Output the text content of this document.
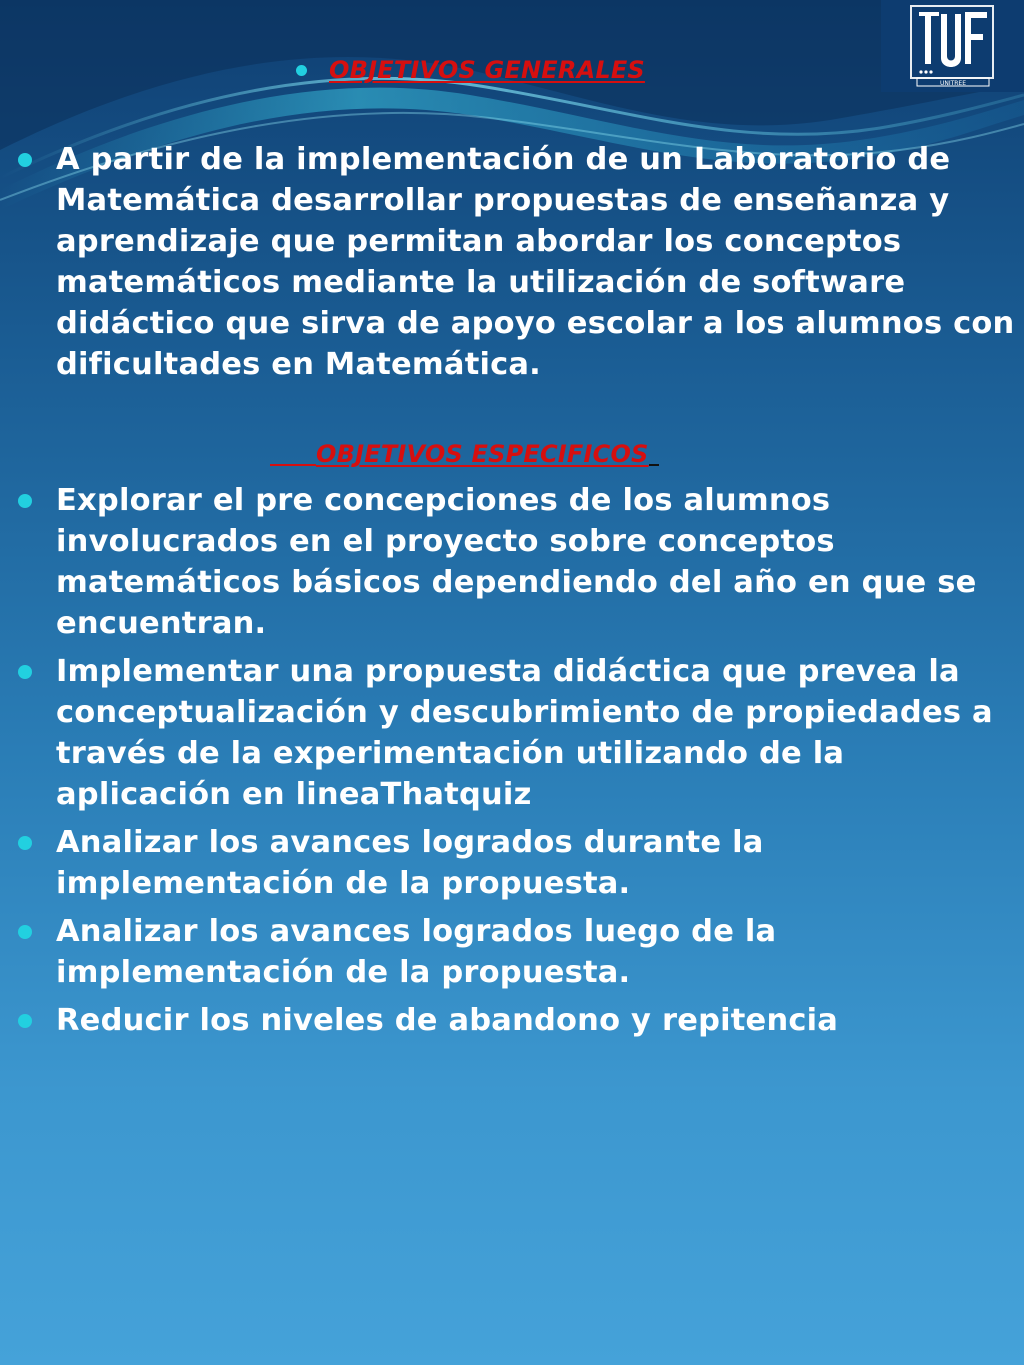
UNITREE
OBJETIVOS GENERALES
A partir de la implementación de un Laboratorio de Matemática desarrollar propuestas de enseñanza y aprendizaje que permitan abordar los conceptos matemáticos mediante la utilización de software didáctico que sirva de apoyo escolar a los alumnos con dificultades en Matemática.
OBJETIVOS ESPECIFICOS
Explorar el pre concepciones de los alumnos involucrados en el proyecto sobre conceptos matemáticos básicos dependiendo del año en que se encuentran.
Implementar una propuesta didáctica que prevea la conceptualización y descubrimiento de propiedades a través de la experimentación utilizando de la aplicación en lineaThatquiz
Analizar los avances logrados durante la implementación de la propuesta.
Analizar los avances logrados luego de la implementación de la propuesta.
Reducir los niveles de abandono y repitencia
